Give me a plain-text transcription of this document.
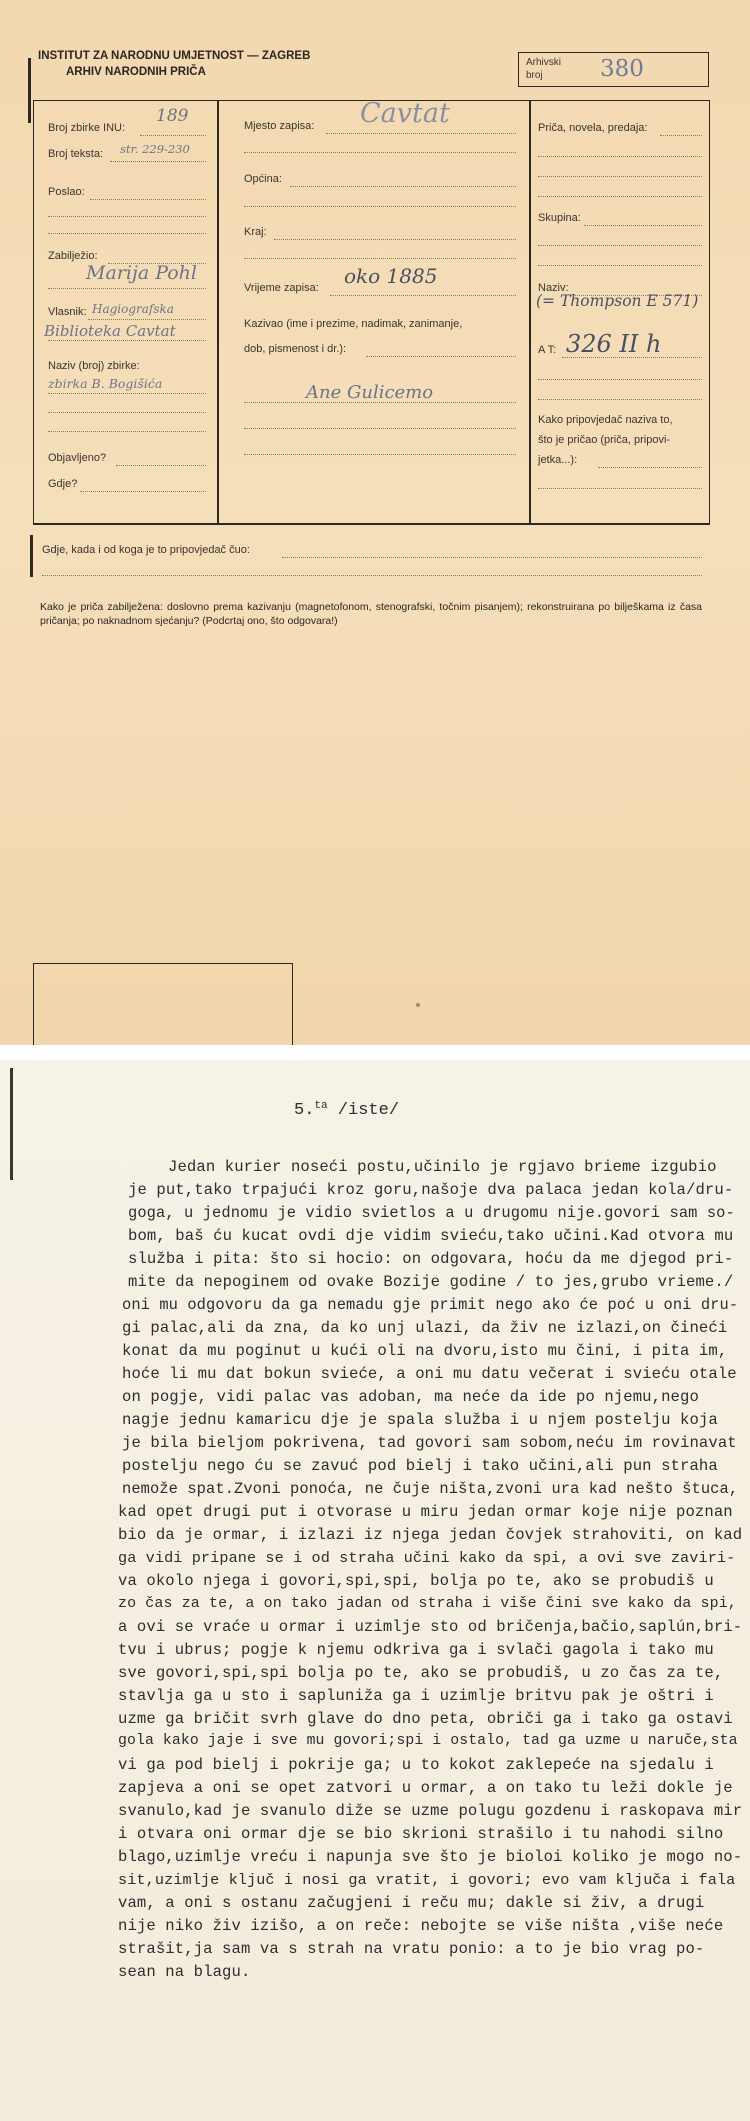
INSTITUT ZA NARODNU UMJETNOST — ZAGREB
ARHIV NARODNIH PRIČA
Arhivski broj	380
Broj zbirke INU:
189
Broj teksta: str. 229-230
Poslao:
Zabilježio:
Marija Pohl
Vlasnik: Hagiografska
Biblioteka Cavtat
Naziv (broj) zbirke:
zbirka B. Bogišića
Objavljeno?
Gdje?
Mjesto zapisa: Cavtat
Općina:
Kraj:
Vrijeme zapisa: oko 1885
Kazivao (ime i prezime, nadimak, zanimanje,
dob, pismenost i dr.):
Ane Gulicemo
Priča, novela, predaja:
Skupina:
Naziv:
(= Thompson E 571)
A T: 326 II h
Kako pripovjedač naziva to,
što je pričao (priča, pripovi-
jetka...):
Gdje, kada i od koga je to pripovjedač čuo:
Kako je priča zabilježena: doslovno prema kazivanju (magnetofonom, stenografski, točnim pisanjem); rekonstruirana po bilješkama iz časa pričanja; po naknadnom sjećanju? (Podcrtaj ono, što odgovara!)
5.$^{ta}$ /iste/
Jedan kurier noseći postu,učinilo je rgjavo brieme izgubio
je put,tako trpajući kroz goru,našoje dva palaca jedan kola/dru-
goga, u jednomu je vidio svietlos a u drugomu nije.govori sam so-
bom, baš ću kucat ovdi dje vidim svieću,tako učini.Kad otvora mu
služba i pita: što si hocio: on odgovara, hoću da me djegod pri-
mite da nepoginem od ovake Bozije godine / to jes,grubo vrieme./
oni mu odgovoru da ga nemadu gje primit nego ako će poć u oni dru-
gi palac,ali da zna, da ko unj ulazi, da živ ne izlazi,on čineći
konat da mu poginut u kući oli na dvoru,isto mu čini, i pita im,
hoće li mu dat bokun svieće, a oni mu datu večerat i svieću otale
on pogje, vidi palac vas adoban, ma neće da ide po njemu,nego
nagje jednu kamaricu dje je spala služba i u njem postelju koja
je bila bieljom pokrivena, tad govori sam sobom,neću im rovinavat
postelju nego ću se zavuć pod bielj i tako učini,ali pun straha
nemože spat.Zvoni ponoća, ne čuje ništa,zvoni ura kad nešto štuca,
kad opet drugi put i otvorase u miru jedan ormar koje nije poznan
bio da je ormar, i izlazi iz njega jedan čovjek strahoviti, on kad
ga vidi pripane se i od straha učini kako da spi, a ovi sve zaviri-
va okolo njega i govori,spi,spi, bolja po te, ako se probudiš u
zo čas za te, a on tako jadan od straha i više čini sve kako da spi,
a ovi se vraće u ormar i uzimlje sto od bričenja,bačio,saplún,bri-
tvu i ubrus; pogje k njemu odkriva ga i svlači gagola i tako mu
sve govori,spi,spi bolja po te, ako se probudiš, u zo čas za te,
stavlja ga u sto i sapluniža ga i uzimlje britvu pak je oštri i
uzme ga bričit svrh glave do dno peta, obriči ga i tako ga ostavi
gola kako jaje i sve mu govori;spi i ostalo, tad ga uzme u naruče,sta
vi ga pod bielj i pokrije ga; u to kokot zaklepeće na sjedalu i
zapjeva a oni se opet zatvori u ormar, a on tako tu leži dokle je
svanulo,kad je svanulo diže se uzme polugu gozdenu i raskopava mir
i otvara oni ormar dje se bio skrioni strašilo i tu nahodi silno
blago,uzimlje vreću i napunja sve što je bioloi koliko je mogo no-
sit,uzimlje ključ i nosi ga vratit, i govori; evo vam ključa i fala
vam, a oni s ostanu začugjeni i reču mu; dakle si živ, a drugi
nije niko živ izišo, a on reče: nebojte se više ništa ,više neće
strašit,ja sam va s strah na vratu ponio: a to je bio vrag po-
sean na blagu.
